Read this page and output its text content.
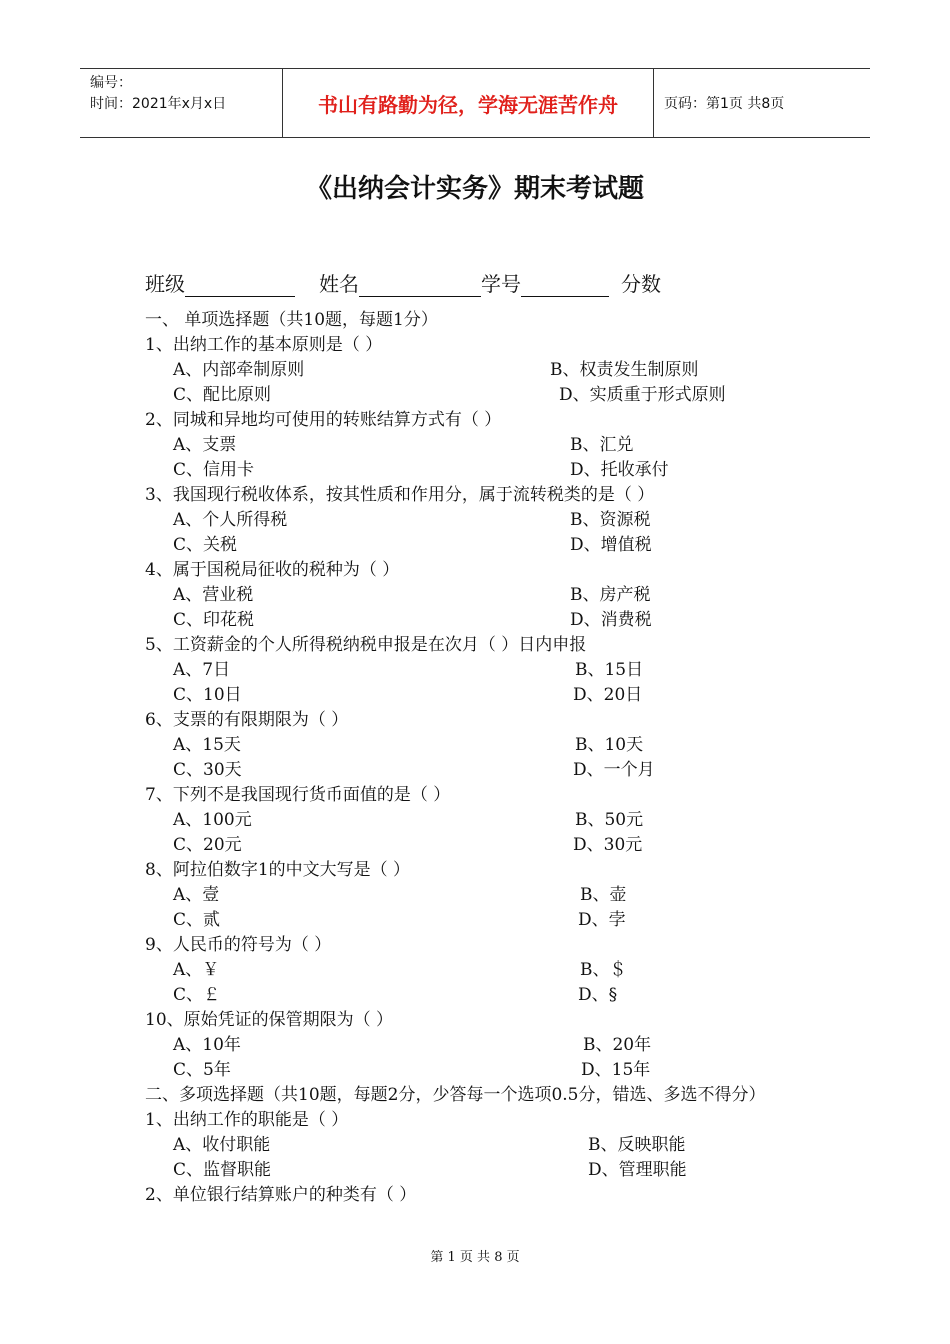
编号：
时间：2021年x月x日	书山有路勤为径，学海无涯苦作舟	页码：第1页 共8页
《出纳会计实务》期末考试题
班级	姓名	学号	分数
一、 单项选择题（共10题，每题1分）
1、出纳工作的基本原则是（ ）
A、内部牵制原则	B、权责发生制原则
C、配比原则	D、实质重于形式原则
2、同城和异地均可使用的转账结算方式有（ ）
A、支票	B、汇兑
C、信用卡	D、托收承付
3、我国现行税收体系，按其性质和作用分，属于流转税类的是（ ）
A、个人所得税	B、资源税
C、关税	D、增值税
4、属于国税局征收的税种为（ ）
A、营业税	B、房产税
C、印花税	D、消费税
5、工资薪金的个人所得税纳税申报是在次月（ ）日内申报
A、7日	B、15日
C、10日	D、20日
6、支票的有限期限为（ ）
A、15天	B、10天
C、30天	D、一个月
7、下列不是我国现行货币面值的是（ ）
A、100元	B、50元
C、20元	D、30元
8、阿拉伯数字1的中文大写是（ ）
A、壹	B、壶
C、贰	D、孛
9、人民币的符号为（ ）
A、￥	B、＄
C、￡	D、§
10、原始凭证的保管期限为（ ）
A、10年	B、20年
C、5年	D、15年
二、多项选择题（共10题，每题2分，少答每一个选项0.5分，错选、多选不得分）
1、出纳工作的职能是（ ）
A、收付职能	B、反映职能
C、监督职能	D、管理职能
2、单位银行结算账户的种类有（ ）
第 1 页 共 8 页
